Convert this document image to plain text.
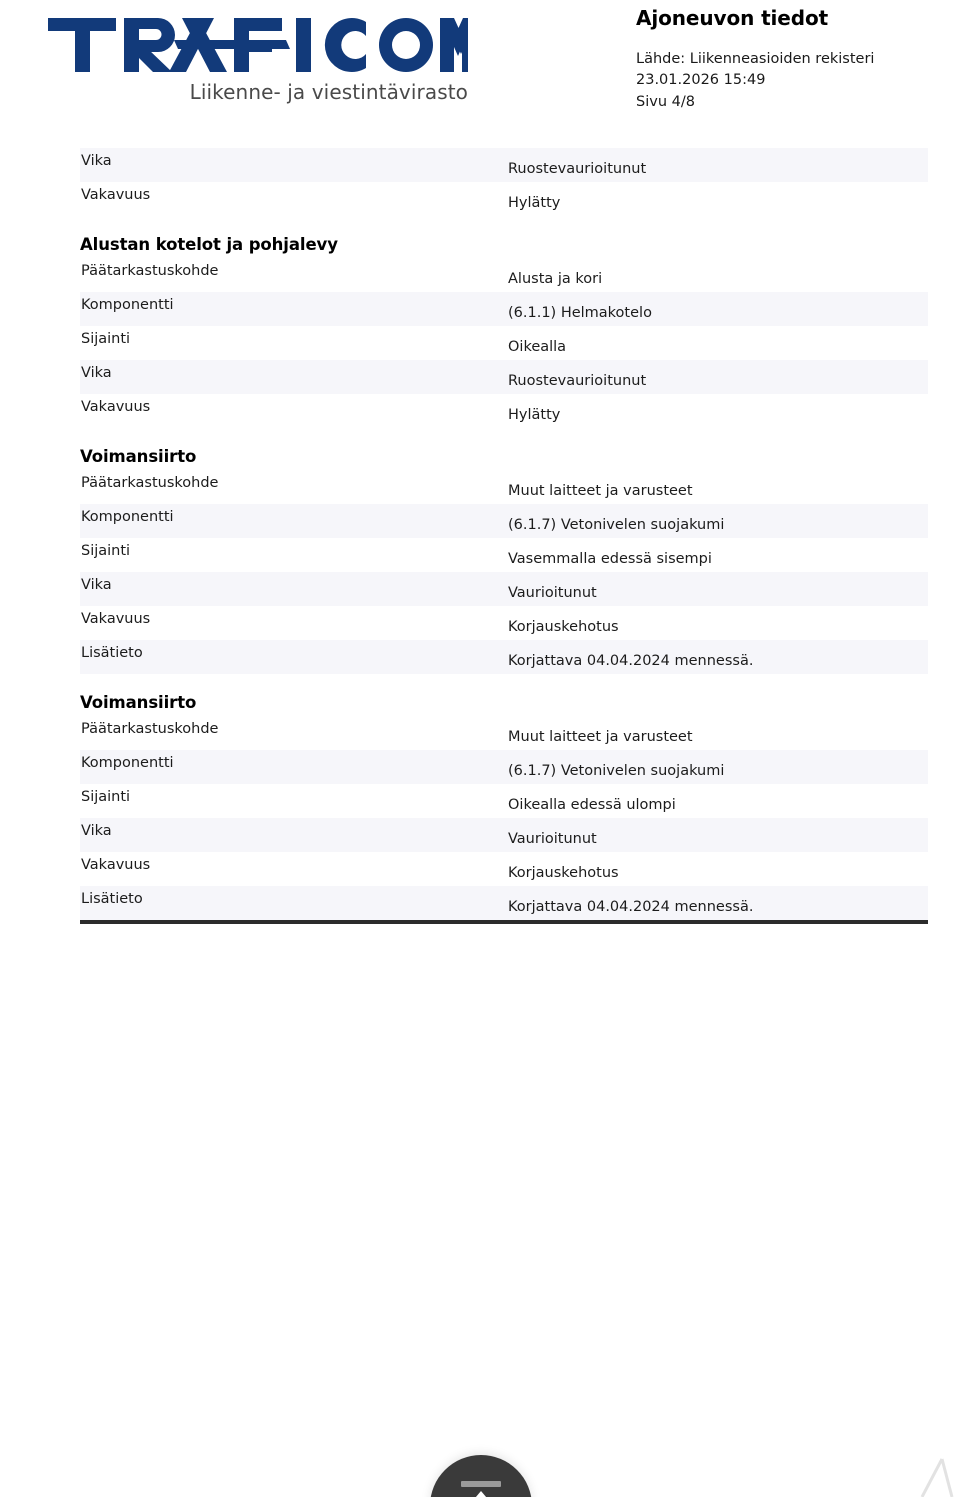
Liikenne- ja viestintävirasto
Ajoneuvon tiedot
Lähde: Liikenneasioiden rekisteri
23.01.2026 15:49
Sivu 4/8
Vika	Ruostevaurioitunut
Vakavuus	Hylätty
Alustan kotelot ja pohjalevy
Päätarkastuskohde	Alusta ja kori
Komponentti	(6.1.1) Helmakotelo
Sijainti	Oikealla
Vika	Ruostevaurioitunut
Vakavuus	Hylätty
Voimansiirto
Päätarkastuskohde	Muut laitteet ja varusteet
Komponentti	(6.1.7) Vetonivelen suojakumi
Sijainti	Vasemmalla edessä sisempi
Vika	Vaurioitunut
Vakavuus	Korjauskehotus
Lisätieto	Korjattava 04.04.2024 mennessä.
Voimansiirto
Päätarkastuskohde	Muut laitteet ja varusteet
Komponentti	(6.1.7) Vetonivelen suojakumi
Sijainti	Oikealla edessä ulompi
Vika	Vaurioitunut
Vakavuus	Korjauskehotus
Lisätieto	Korjattava 04.04.2024 mennessä.
